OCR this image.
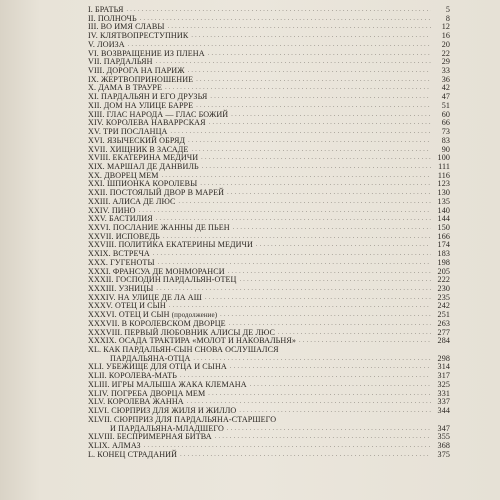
I. БРАТЬЯ . . .	5
II. ПОЛНОЧЬ . . .	8
III. ВО ИМЯ СЛАВЫ . . .	12
IV. КЛЯТВОПРЕСТУПНИК . . .	16
V. ЛОИЗА . . .	20
VI. ВОЗВРАЩЕНИЕ ИЗ ПЛЕНА . . .	22
VII. ПАРДАЛЬЯН . . .	29
VIII. ДОРОГА НА ПАРИЖ . . .	33
IX. ЖЕРТВОПРИНОШЕНИЕ . . .	36
X. ДАМА В ТРАУРЕ . . .	42
XI. ПАРДАЛЬЯН И ЕГО ДРУЗЬЯ . . .	47
XII. ДОМ НА УЛИЦЕ БАРРЕ . . .	51
XIII. ГЛАС НАРОДА — ГЛАС БОЖИЙ . . .	60
XIV. КОРОЛЕВА НАВАРРСКАЯ . . .	66
XV. ТРИ ПОСЛАНЦА . . .	73
XVI. ЯЗЫЧЕСКИЙ ОБРЯД . . .	83
XVII. ХИЩНИК В ЗАСАДЕ . . .	90
XVIII. ЕКАТЕРИНА МЕДИЧИ . . .	100
XIX. МАРШАЛ ДЕ ДАНВИЛЬ . . .	111
XX. ДВОРЕЦ МЕМ . . .	116
XXI. ШПИОНКА КОРОЛЕВЫ . . .	123
XXII. ПОСТОЯЛЫЙ ДВОР В МАРЕЙ . . .	130
XXIII. АЛИСА ДЕ ЛЮС . . .	135
XXIV. ПИНО . . .	140
XXV. БАСТИЛИЯ . . .	144
XXVI. ПОСЛАНИЕ ЖАННЫ ДЕ ПЬЕН . . .	150
XXVII. ИСПОВЕДЬ . . .	166
XXVIII. ПОЛИТИКА ЕКАТЕРИНЫ МЕДИЧИ . . .	174
XXIX. ВСТРЕЧА . . .	183
XXX. ГУГЕНОТЫ . . .	198
XXXI. ФРАНСУА ДЕ МОНМОРАНСИ . . .	205
XXXII. ГОСПОДИН ПАРДАЛЬЯН-ОТЕЦ . . .	222
XXXIII. УЗНИЦЫ . . .	230
XXXIV. НА УЛИЦЕ ДЕ ЛА АШ . . .	235
XXXV. ОТЕЦ И СЫН . . .	242
XXXVI. ОТЕЦ И СЫН (продолжение) . . .	251
XXXVII. В КОРОЛЕВСКОМ ДВОРЦЕ . . .	263
XXXVIII. ПЕРВЫЙ ЛЮБОВНИК АЛИСЫ ДЕ ЛЮС . . .	277
XXXIX. ОСАДА ТРАКТИРА «МОЛОТ И НАКОВАЛЬНЯ» . . .	284
XL. КАК ПАРДАЛЬЯН-СЫН СНОВА ОСЛУШАЛСЯ
ПАРДАЛЬЯНА-ОТЦА . . .	298
XLI. УБЕЖИЩЕ ДЛЯ ОТЦА И СЫНА . . .	314
XLII. КОРОЛЕВА-МАТЬ . . .	317
XLIII. ИГРЫ МАЛЫША ЖАКА КЛЕМАНА . . .	325
XLIV. ПОГРЕБА ДВОРЦА МЕМ . . .	331
XLV. КОРОЛЕВА ЖАННА . . .	337
XLVI. СЮРПРИЗ ДЛЯ ЖИЛЯ И ЖИЛЛО . . .	344
XLVII. СЮРПРИЗ ДЛЯ ПАРДАЛЬЯНА-СТАРШЕГО
И ПАРДАЛЬЯНА-МЛАДШЕГО . . .	347
XLVIII. БЕСПРИМЕРНАЯ БИТВА . . .	355
XLIX. АЛМАЗ . . .	368
L. КОНЕЦ СТРАДАНИЙ . . .	375
